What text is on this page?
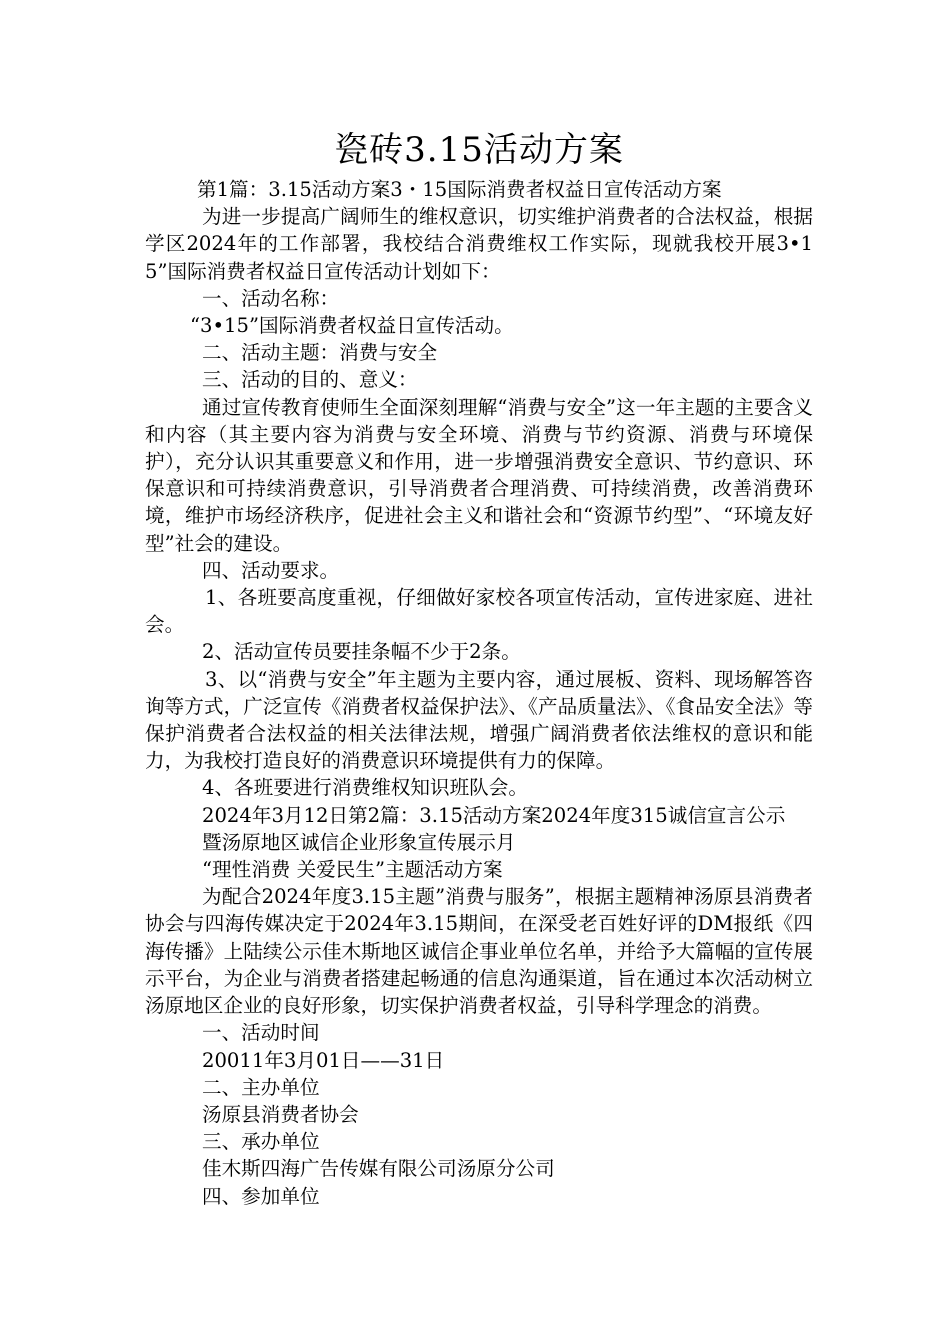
瓷砖3.15活动方案

第1篇：3.15活动方案3・15国际消费者权益日宣传活动方案

为进一步提高广阔师生的维权意识，切实维护消费者的合法权益，根据学区2024年的工作部署，我校结合消费维权工作实际，现就我校开展3•15”国际消费者权益日宣传活动计划如下：

一、活动名称：

“3•15”国际消费者权益日宣传活动。

二、活动主题：消费与安全

三、活动的目的、意义：

通过宣传教育使师生全面深刻理解“消费与安全”这一年主题的主要含义和内容（其主要内容为消费与安全环境、消费与节约资源、消费与环境保护），充分认识其重要意义和作用，进一步增强消费安全意识、节约意识、环保意识和可持续消费意识，引导消费者合理消费、可持续消费，改善消费环境，维护市场经济秩序，促进社会主义和谐社会和“资源节约型”、“环境友好型”社会的建设。

四、活动要求。

1、各班要高度重视，仔细做好家校各项宣传活动，宣传进家庭、进社会。

2、活动宣传员要挂条幅不少于2条。

3、以“消费与安全”年主题为主要内容，通过展板、资料、现场解答咨询等方式，广泛宣传《消费者权益保护法》、《产品质量法》、《食品安全法》等保护消费者合法权益的相关法律法规，增强广阔消费者依法维权的意识和能力，为我校打造良好的消费意识环境提供有力的保障。

4、各班要进行消费维权知识班队会。

2024年3月12日第2篇：3.15活动方案2024年度315诚信宣言公示

暨汤原地区诚信企业形象宣传展示月

“理性消费 关爱民生”主题活动方案

为配合2024年度3.15主题”消费与服务”，根据主题精神汤原县消费者协会与四海传媒决定于2024年3.15期间，在深受老百姓好评的DM报纸《四海传播》上陆续公示佳木斯地区诚信企事业单位名单，并给予大篇幅的宣传展示平台，为企业与消费者搭建起畅通的信息沟通渠道，旨在通过本次活动树立汤原地区企业的良好形象，切实保护消费者权益，引导科学理念的消费。

一、活动时间

20011年3月01日——31日

二、主办单位

汤原县消费者协会

三、承办单位

佳木斯四海广告传媒有限公司汤原分公司

四、参加单位
